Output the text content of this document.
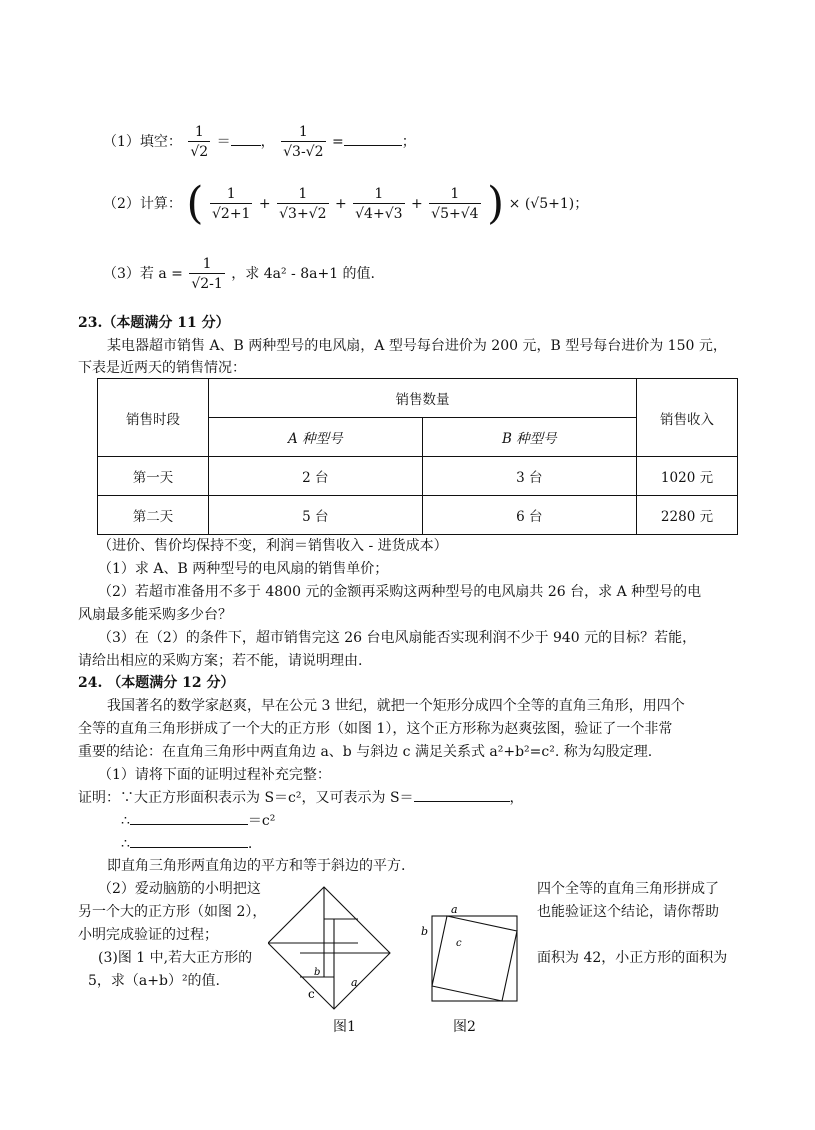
（1）填空： $\frac{1}{√2}$ ＝ ， $\frac{1}{√3-√2}$ =	；
（2）计算： ( $\frac{1}{√2+1} + \frac{1}{√3+√2} + \frac{1}{√4+√3} + \frac{1}{√5+√4}$ ) × (√5+1)；
（3）若 $a = \frac{1}{√2-1}$ ，求 4a² - 8a+1 的值.
23.（本题满分 11 分）
某电器超市销售 A、B 两种型号的电风扇，A 型号每台进价为 200 元，B 型号每台进价为 150 元，
下表是近两天的销售情况：
销售时段	销售数量		销售收入
	A 种型号	B 种型号	
第一天	2 台	3 台	1020 元
第二天	5 台	6 台	2280 元
（进价、售价均保持不变，利润＝销售收入 - 进货成本）
（1）求 A、B 两种型号的电风扇的销售单价；
（2）若超市准备用不多于 4800 元的金额再采购这两种型号的电风扇共 26 台，求 A 种型号的电
风扇最多能采购多少台？
（3）在（2）的条件下，超市销售完这 26 台电风扇能否实现利润不少于 940 元的目标？若能，
请给出相应的采购方案；若不能，请说明理由.
24. （本题满分 12 分）
我国著名的数学家赵爽，早在公元 3 世纪，就把一个矩形分成四个全等的直角三角形，用四个
全等的直角三角形拼成了一个大的正方形（如图 1），这个正方形称为赵爽弦图，验证了一个非常
重要的结论：在直角三角形中两直角边 a、b 与斜边 c 满足关系式 a²+b²=c². 称为勾股定理.
（1）请将下面的证明过程补充完整：
证明：∵大正方形面积表示为 S＝c²，又可表示为 S＝	，
∴	＝c²
∴	.
即直角三角形两直角边的平方和等于斜边的平方.
（2）爱动脑筋的小明把这
另一个大的正方形（如图 2），
小明完成验证的过程；
(3)图 1 中,若大正方形的
5，求（a+b）²的值.
四个全等的直角三角形拼成了
也能验证这个结论，请你帮助
面积为 42，小正方形的面积为
b
a
c
图1
a
b
c
图2
